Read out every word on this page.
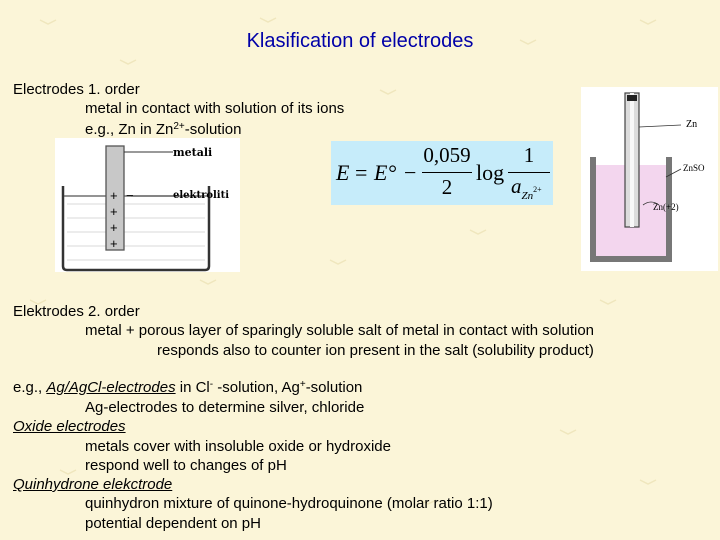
Klasification of electrodes
Electrodes 1. order
metal in contact with solution of its ions
e.g., Zn in $Zn^{2+}$-solution
metali
elektroliti
+
+
+
+
−
E = E° −
0,059
2
log
1
$a_{Zn}2+$
Zn
ZnSO
Zn(+2)
Elektrodes 2. order
metal + porous layer of sparingly soluble salt of metal in contact with solution
responds also to counter ion present in the salt (solubility product)
e.g., Ag/AgCl-electrodes in Cl- -solution, Ag+-solution
Ag-electrodes to determine silver, chloride
Oxide electrodes
metals cover with insoluble oxide or hydroxide
respond well to changes of pH
Quinhydrone elekctrode
quinhydron mixture of quinone-hydroquinone (molar ratio 1:1)
potential dependent on pH
